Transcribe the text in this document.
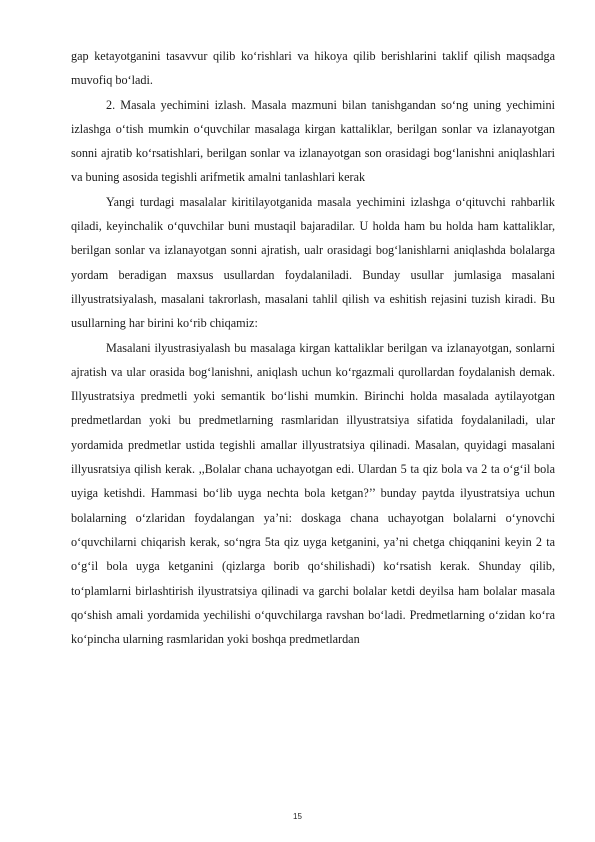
gap ketayotganini tasavvur qilib ko‘rishlari va hikoya qilib berishlarini taklif qilish maqsadga muvofiq bo‘ladi.

2. Masala yechimini izlash. Masala mazmuni bilan tanishgandan so‘ng uning yechimini izlashga o‘tish mumkin o‘quvchilar masalaga kirgan kattaliklar, berilgan sonlar va izlanayotgan sonni ajratib ko‘rsatishlari, berilgan sonlar va izlanayotgan son orasidagi bog‘lanishni aniqlashlari va buning asosida tegishli arifmetik amalni tanlashlari kerak

Yangi turdagi masalalar kiritilayotganida masala yechimini izlashga o‘qituvchi rahbarlik qiladi, keyinchalik o‘quvchilar buni mustaqil bajaradilar. U holda ham bu holda ham kattaliklar, berilgan sonlar va izlanayotgan sonni ajratish, ualr orasidagi bog‘lanishlarni aniqlashda bolalarga yordam beradigan maxsus usullardan foydalaniladi. Bunday usullar jumlasiga masalani illyustratsiyalash, masalani takrorlash, masalani tahlil qilish va eshitish rejasini tuzish kiradi. Bu usullarning har birini ko‘rib chiqamiz:

Masalani ilyustrasiyalash bu masalaga kirgan kattaliklar berilgan va izlanayotgan, sonlarni ajratish va ular orasida bog‘lanishni, aniqlash uchun ko‘rgazmali qurollardan foydalanish demak. Illyustratsiya predmetli yoki semantik bo‘lishi mumkin. Birinchi holda masalada aytilayotgan predmetlardan yoki bu predmetlarning rasmlaridan illyustratsiya sifatida foydalaniladi, ular yordamida predmetlar ustida tegishli amallar illyustratsiya qilinadi. Masalan, quyidagi masalani illyusratsiya qilish kerak. ,,Bolalar chana uchayotgan edi. Ulardan 5 ta qiz bola va 2 ta o‘g‘il bola uyiga ketishdi. Hammasi bo‘lib uyga nechta bola ketgan?’’ bunday paytda ilyustratsiya uchun bolalarning o‘zlaridan foydalangan ya’ni: doskaga chana uchayotgan bolalarni o‘ynovchi o‘quvchilarni chiqarish kerak, so‘ngra 5ta qiz uyga ketganini, ya’ni chetga chiqqanini keyin 2 ta o‘g‘il bola uyga ketganini (qizlarga borib qo‘shilishadi) ko‘rsatish kerak. Shunday qilib, to‘plamlarni birlashtirish ilyustratsiya qilinadi va garchi bolalar ketdi deyilsa ham bolalar masala qo‘shish amali yordamida yechilishi o‘quvchilarga ravshan bo‘ladi. Predmetlarning o‘zidan ko‘ra ko‘pincha ularning rasmlaridan yoki boshqa predmetlardan

15
